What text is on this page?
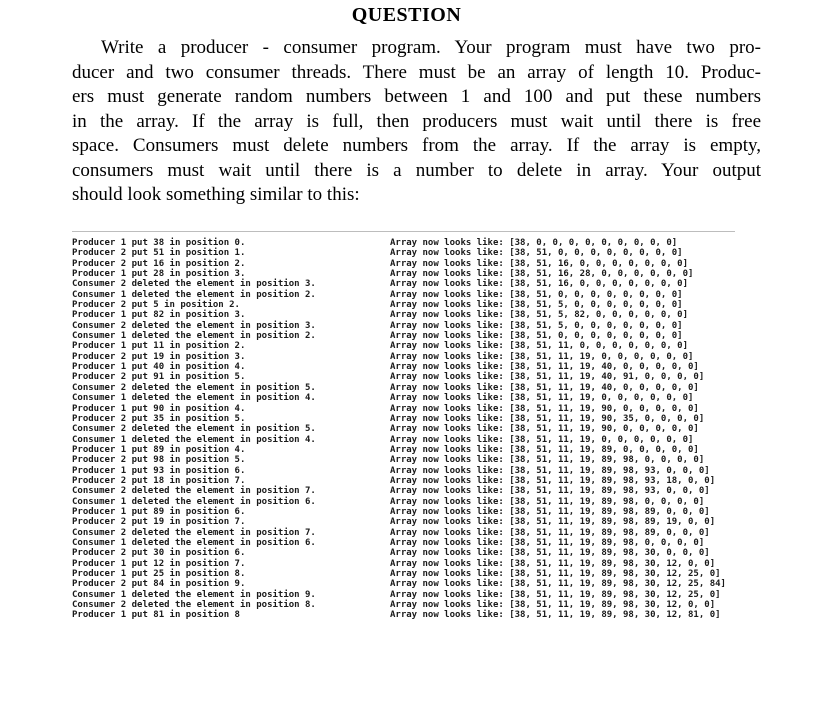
QUESTION
Write a producer - consumer program. Your program must have two pro-
ducer and two consumer threads. There must be an array of length 10. Produc-
ers must generate random numbers between 1 and 100 and put these numbers
in the array. If the array is full, then producers must wait until there is free
space. Consumers must delete numbers from the array. If the array is empty,
consumers must wait until there is a number to delete in array. Your output
should look something similar to this:
Producer 1 put 38 in position 0.
Producer 2 put 51 in position 1.
Producer 2 put 16 in position 2.
Producer 1 put 28 in position 3.
Consumer 2 deleted the element in position 3.
Consumer 1 deleted the element in position 2.
Producer 2 put 5 in position 2.
Producer 1 put 82 in position 3.
Consumer 2 deleted the element in position 3.
Consumer 1 deleted the element in position 2.
Producer 1 put 11 in position 2.
Producer 2 put 19 in position 3.
Producer 1 put 40 in position 4.
Producer 2 put 91 in position 5.
Consumer 2 deleted the element in position 5.
Consumer 1 deleted the element in position 4.
Producer 1 put 90 in position 4.
Producer 2 put 35 in position 5.
Consumer 2 deleted the element in position 5.
Consumer 1 deleted the element in position 4.
Producer 1 put 89 in position 4.
Producer 2 put 98 in position 5.
Producer 1 put 93 in position 6.
Producer 2 put 18 in position 7.
Consumer 2 deleted the element in position 7.
Consumer 1 deleted the element in position 6.
Producer 1 put 89 in position 6.
Producer 2 put 19 in position 7.
Consumer 2 deleted the element in position 7.
Consumer 1 deleted the element in position 6.
Producer 2 put 30 in position 6.
Producer 1 put 12 in position 7.
Producer 1 put 25 in position 8.
Producer 2 put 84 in position 9.
Consumer 1 deleted the element in position 9.
Consumer 2 deleted the element in position 8.
Producer 1 put 81 in position 8
Array now looks like: [38, 0, 0, 0, 0, 0, 0, 0, 0, 0]
Array now looks like: [38, 51, 0, 0, 0, 0, 0, 0, 0, 0]
Array now looks like: [38, 51, 16, 0, 0, 0, 0, 0, 0, 0]
Array now looks like: [38, 51, 16, 28, 0, 0, 0, 0, 0, 0]
Array now looks like: [38, 51, 16, 0, 0, 0, 0, 0, 0, 0]
Array now looks like: [38, 51, 0, 0, 0, 0, 0, 0, 0, 0]
Array now looks like: [38, 51, 5, 0, 0, 0, 0, 0, 0, 0]
Array now looks like: [38, 51, 5, 82, 0, 0, 0, 0, 0, 0]
Array now looks like: [38, 51, 5, 0, 0, 0, 0, 0, 0, 0]
Array now looks like: [38, 51, 0, 0, 0, 0, 0, 0, 0, 0]
Array now looks like: [38, 51, 11, 0, 0, 0, 0, 0, 0, 0]
Array now looks like: [38, 51, 11, 19, 0, 0, 0, 0, 0, 0]
Array now looks like: [38, 51, 11, 19, 40, 0, 0, 0, 0, 0]
Array now looks like: [38, 51, 11, 19, 40, 91, 0, 0, 0, 0]
Array now looks like: [38, 51, 11, 19, 40, 0, 0, 0, 0, 0]
Array now looks like: [38, 51, 11, 19, 0, 0, 0, 0, 0, 0]
Array now looks like: [38, 51, 11, 19, 90, 0, 0, 0, 0, 0]
Array now looks like: [38, 51, 11, 19, 90, 35, 0, 0, 0, 0]
Array now looks like: [38, 51, 11, 19, 90, 0, 0, 0, 0, 0]
Array now looks like: [38, 51, 11, 19, 0, 0, 0, 0, 0, 0]
Array now looks like: [38, 51, 11, 19, 89, 0, 0, 0, 0, 0]
Array now looks like: [38, 51, 11, 19, 89, 98, 0, 0, 0, 0]
Array now looks like: [38, 51, 11, 19, 89, 98, 93, 0, 0, 0]
Array now looks like: [38, 51, 11, 19, 89, 98, 93, 18, 0, 0]
Array now looks like: [38, 51, 11, 19, 89, 98, 93, 0, 0, 0]
Array now looks like: [38, 51, 11, 19, 89, 98, 0, 0, 0, 0]
Array now looks like: [38, 51, 11, 19, 89, 98, 89, 0, 0, 0]
Array now looks like: [38, 51, 11, 19, 89, 98, 89, 19, 0, 0]
Array now looks like: [38, 51, 11, 19, 89, 98, 89, 0, 0, 0]
Array now looks like: [38, 51, 11, 19, 89, 98, 0, 0, 0, 0]
Array now looks like: [38, 51, 11, 19, 89, 98, 30, 0, 0, 0]
Array now looks like: [38, 51, 11, 19, 89, 98, 30, 12, 0, 0]
Array now looks like: [38, 51, 11, 19, 89, 98, 30, 12, 25, 0]
Array now looks like: [38, 51, 11, 19, 89, 98, 30, 12, 25, 84]
Array now looks like: [38, 51, 11, 19, 89, 98, 30, 12, 25, 0]
Array now looks like: [38, 51, 11, 19, 89, 98, 30, 12, 0, 0]
Array now looks like: [38, 51, 11, 19, 89, 98, 30, 12, 81, 0]
